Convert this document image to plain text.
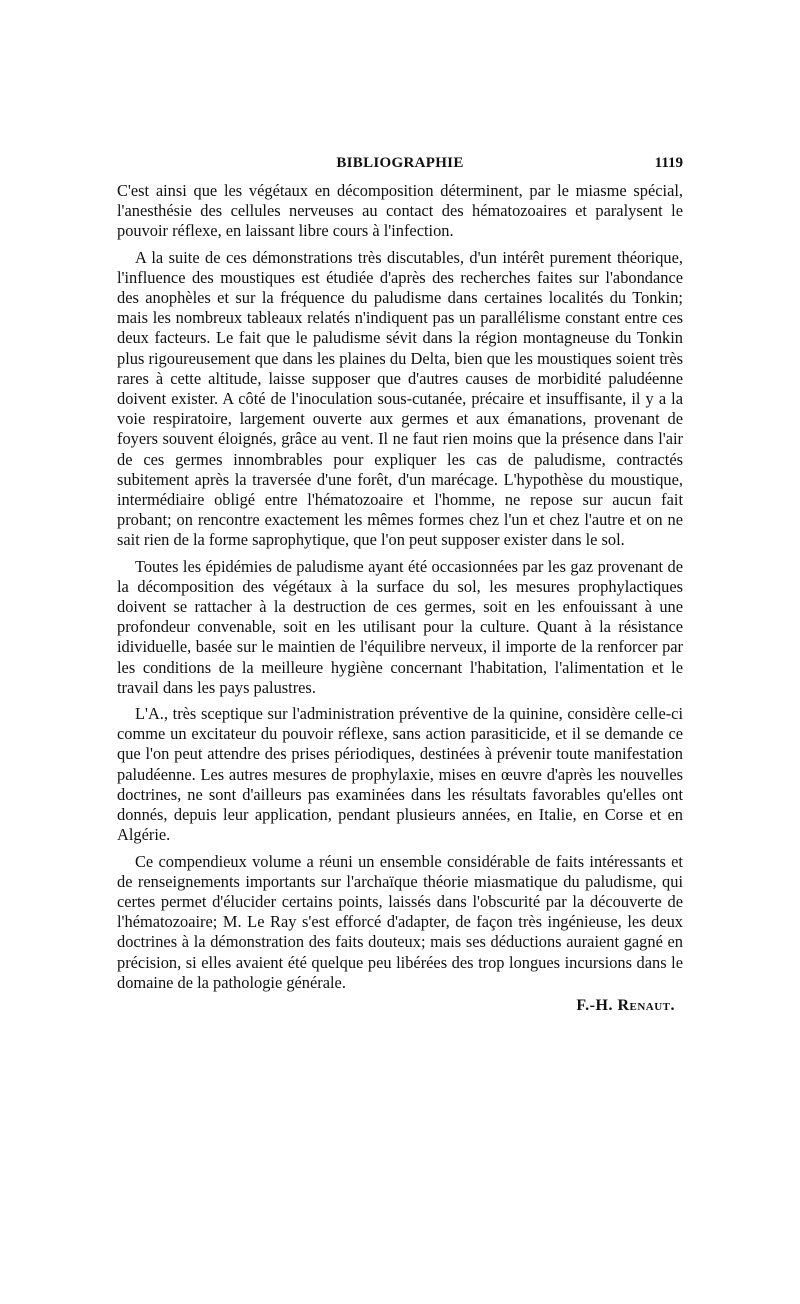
BIBLIOGRAPHIE	1119

C'est ainsi que les végétaux en décomposition déterminent, par le miasme spécial, l'anesthésie des cellules nerveuses au contact des hématozoaires et paralysent le pouvoir réflexe, en laissant libre cours à l'infection.

A la suite de ces démonstrations très discutables, d'un intérêt purement théorique, l'influence des moustiques est étudiée d'après des recherches faites sur l'abondance des anophèles et sur la fréquence du paludisme dans certaines localités du Tonkin; mais les nombreux tableaux relatés n'indiquent pas un parallélisme constant entre ces deux facteurs. Le fait que le paludisme sévit dans la région montagneuse du Tonkin plus rigoureusement que dans les plaines du Delta, bien que les moustiques soient très rares à cette altitude, laisse supposer que d'autres causes de morbidité paludéenne doivent exister. A côté de l'inoculation sous-cutanée, précaire et insuffisante, il y a la voie respiratoire, largement ouverte aux germes et aux émanations, provenant de foyers souvent éloignés, grâce au vent. Il ne faut rien moins que la présence dans l'air de ces germes innombrables pour expliquer les cas de paludisme, contractés subitement après la traversée d'une forêt, d'un marécage. L'hypothèse du moustique, intermédiaire obligé entre l'hématozoaire et l'homme, ne repose sur aucun fait probant; on rencontre exactement les mêmes formes chez l'un et chez l'autre et on ne sait rien de la forme saprophytique, que l'on peut supposer exister dans le sol.

Toutes les épidémies de paludisme ayant été occasionnées par les gaz provenant de la décomposition des végétaux à la surface du sol, les mesures prophylactiques doivent se rattacher à la destruction de ces germes, soit en les enfouissant à une profondeur convenable, soit en les utilisant pour la culture. Quant à la résistance idividuelle, basée sur le maintien de l'équilibre nerveux, il importe de la renforcer par les conditions de la meilleure hygiène concernant l'habitation, l'alimentation et le travail dans les pays palustres.

L'A., très sceptique sur l'administration préventive de la quinine, considère celle-ci comme un excitateur du pouvoir réflexe, sans action parasiticide, et il se demande ce que l'on peut attendre des prises périodiques, destinées à prévenir toute manifestation paludéenne. Les autres mesures de prophylaxie, mises en œuvre d'après les nouvelles doctrines, ne sont d'ailleurs pas examinées dans les résultats favorables qu'elles ont donnés, depuis leur application, pendant plusieurs années, en Italie, en Corse et en Algérie.

Ce compendieux volume a réuni un ensemble considérable de faits intéressants et de renseignements importants sur l'archaïque théorie miasmatique du paludisme, qui certes permet d'élucider certains points, laissés dans l'obscurité par la découverte de l'hématozoaire; M. Le Ray s'est efforcé d'adapter, de façon très ingénieuse, les deux doctrines à la démonstration des faits douteux; mais ses déductions auraient gagné en précision, si elles avaient été quelque peu libérées des trop longues incursions dans le domaine de la pathologie générale.

F.-H. Renaut.
